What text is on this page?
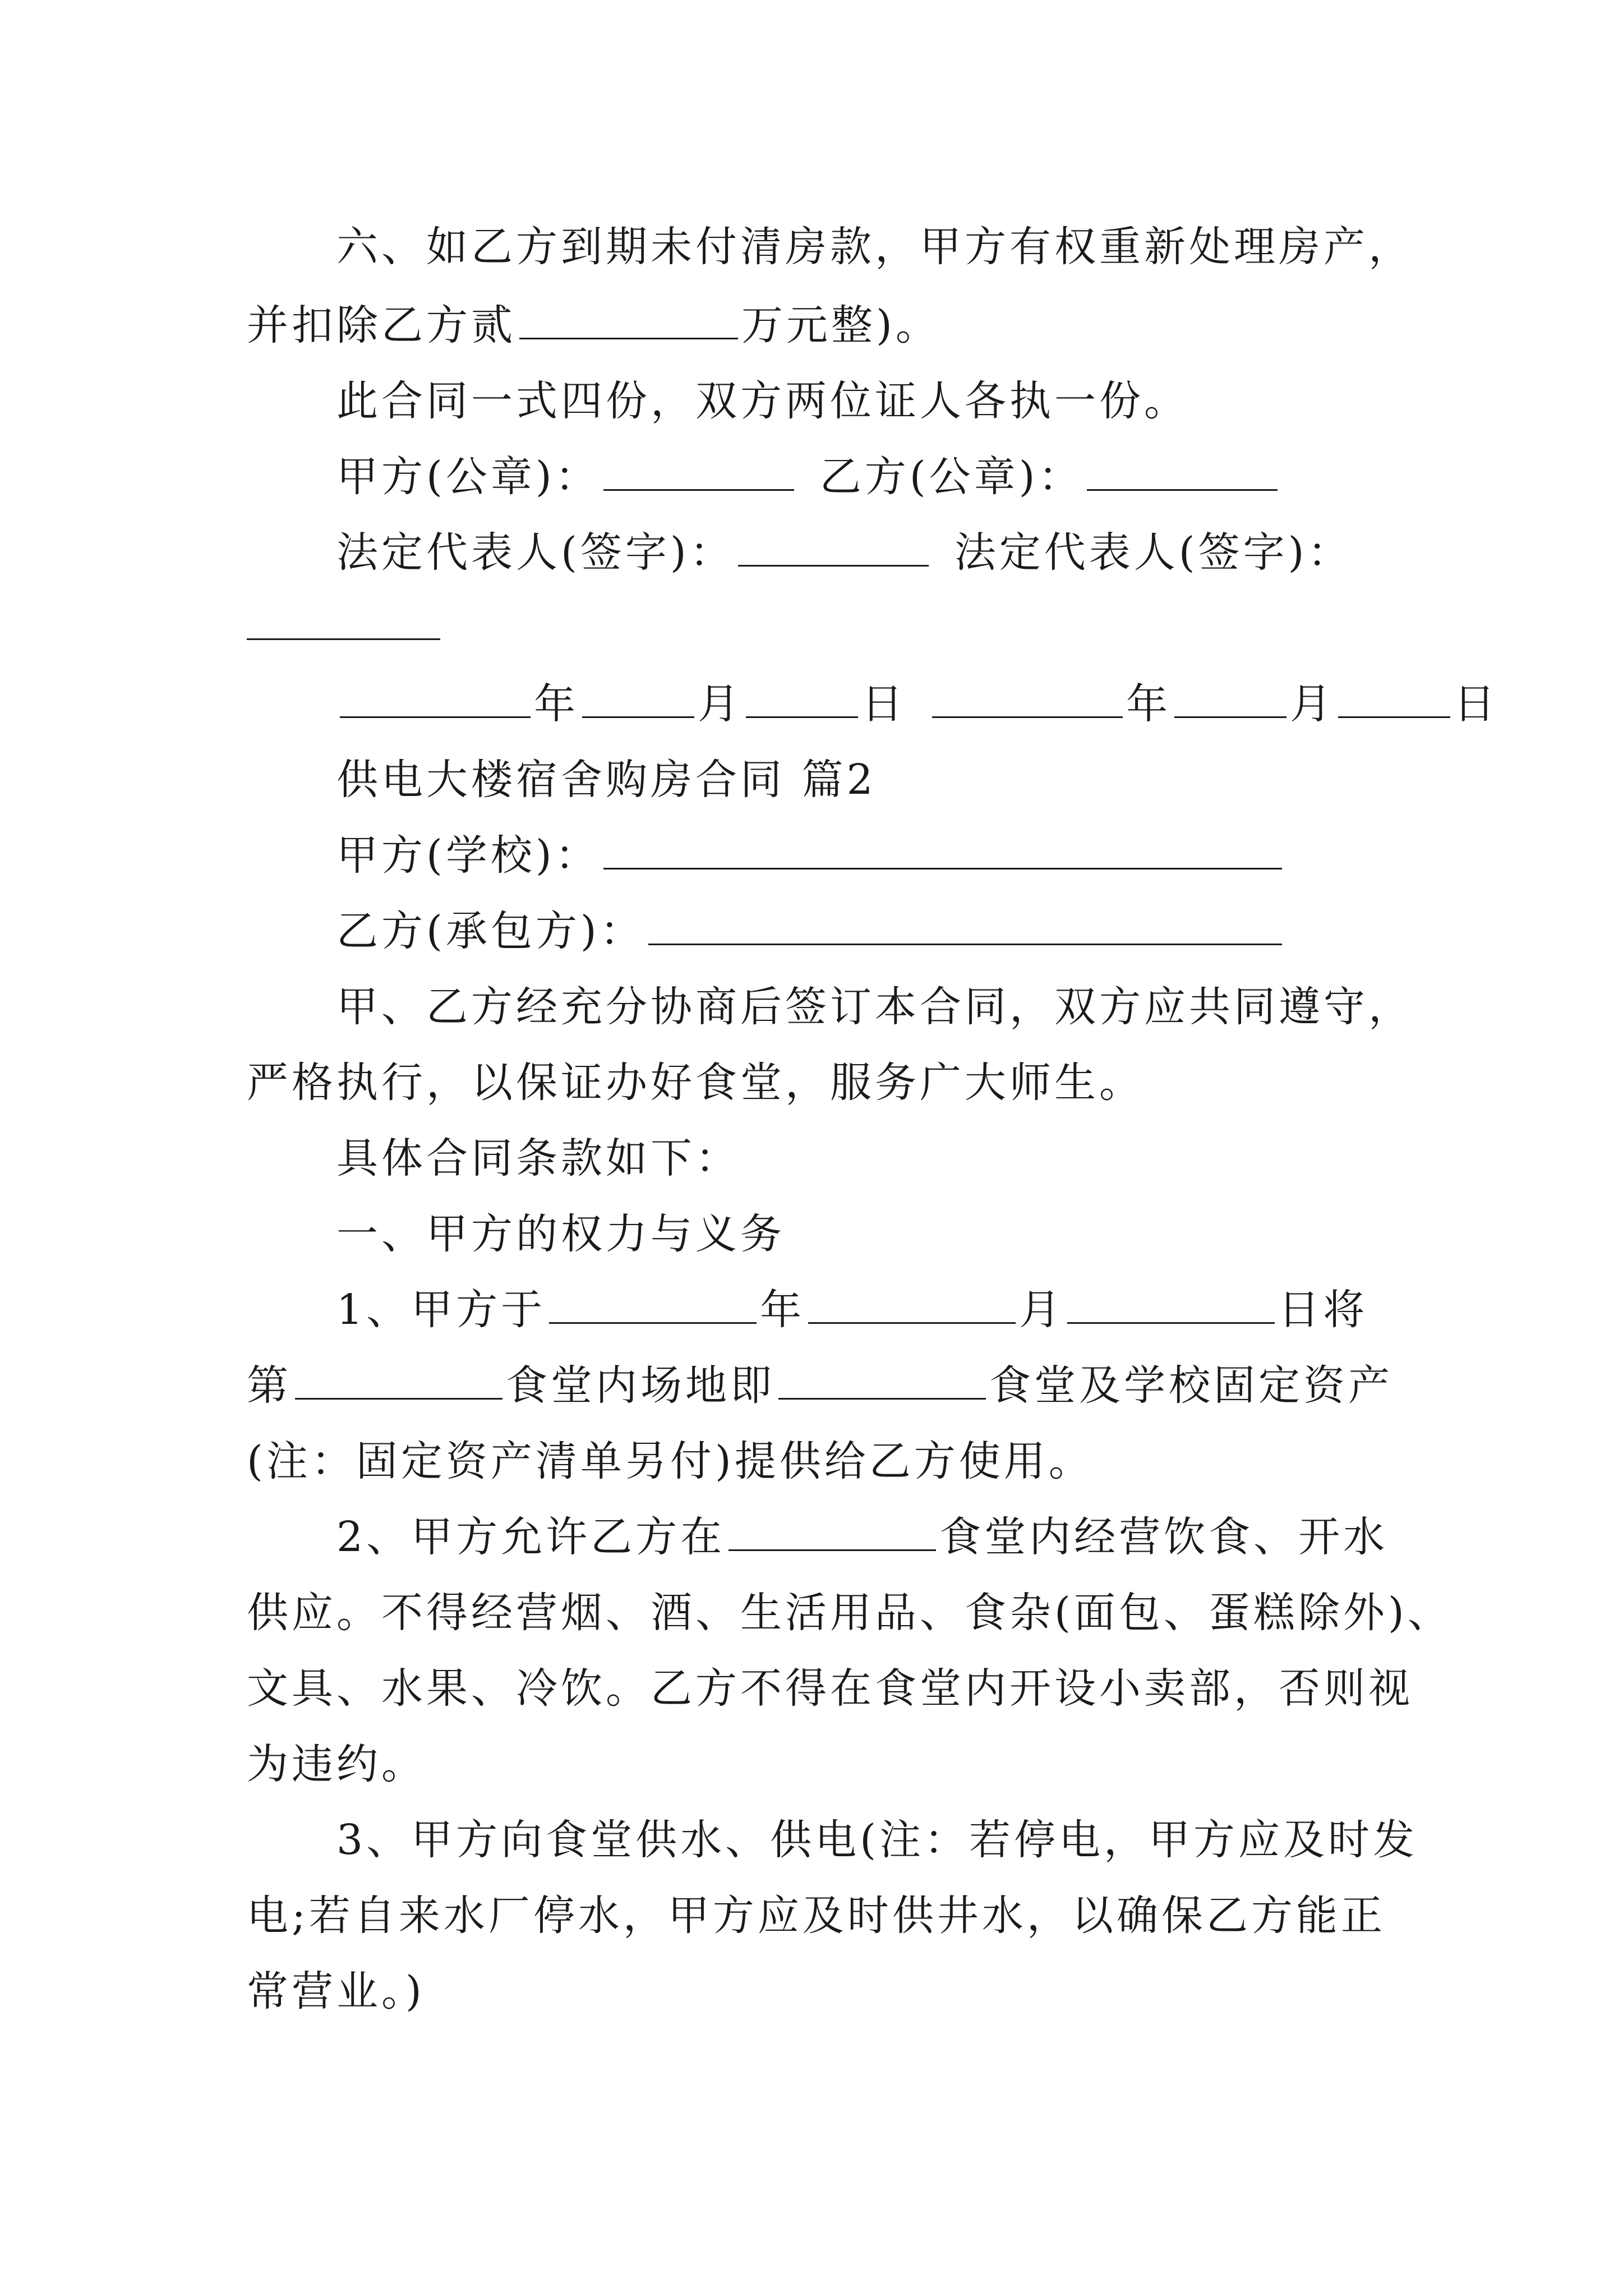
六、如乙方到期未付清房款，甲方有权重新处理房产，
并扣除乙方贰	万元整)。
此合同一式四份，双方两位证人各执一份。
甲方(公章)：	乙方(公章)：
法定代表人(签字)：	法定代表人(签字)：
年	月	日	年	月	日
供电大楼宿舍购房合同 篇2
甲方(学校)：
乙方(承包方)：
甲、乙方经充分协商后签订本合同，双方应共同遵守，
严格执行，以保证办好食堂，服务广大师生。
具体合同条款如下：
一、甲方的权力与义务
1、甲方于	年	月	日将
第	食堂内场地即	食堂及学校固定资产
(注：固定资产清单另付)提供给乙方使用。
2、甲方允许乙方在	食堂内经营饮食、开水
供应。不得经营烟、酒、生活用品、食杂(面包、蛋糕除外)、
文具、水果、冷饮。乙方不得在食堂内开设小卖部，否则视
为违约。
3、甲方向食堂供水、供电(注：若停电，甲方应及时发
电;若自来水厂停水，甲方应及时供井水，以确保乙方能正
常营业。)
